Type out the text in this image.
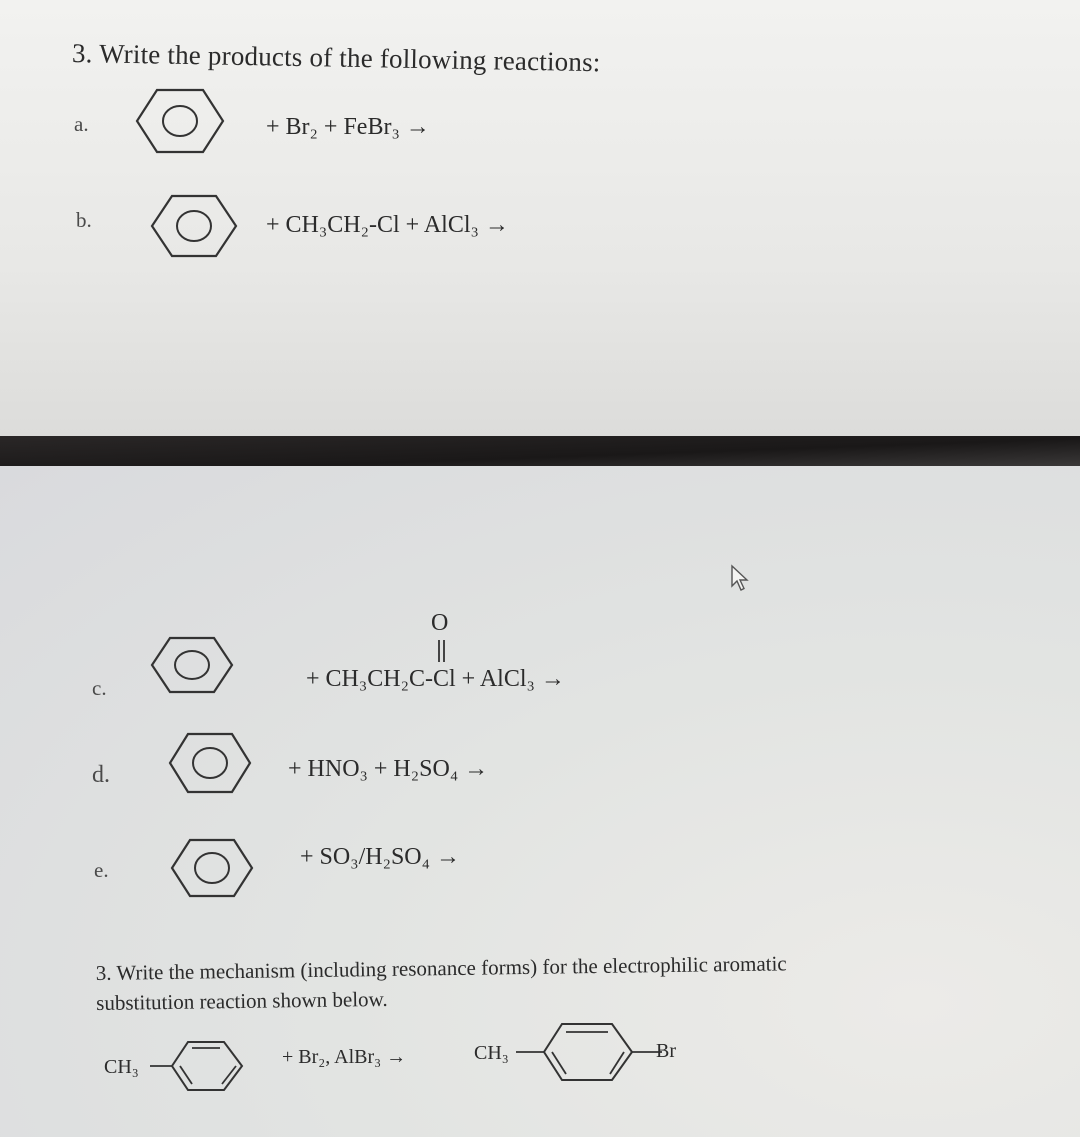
3. Write the products of the following reactions:
a.	+ Br₂ + FeBr₃ →
b.	+ CH₃CH₂-Cl + AlCl₃ →
c.
O
+ CH₃CH₂C-Cl + AlCl₃ →
d.	+ HNO₃ + H₂SO₄ →
e.	+ SO₃/H₂SO₄ →
3. Write the mechanism (including resonance forms) for the electrophilic aromatic
substitution reaction shown below.
CH₃	+ Br₂, AlBr₃ →	CH₃	Br
